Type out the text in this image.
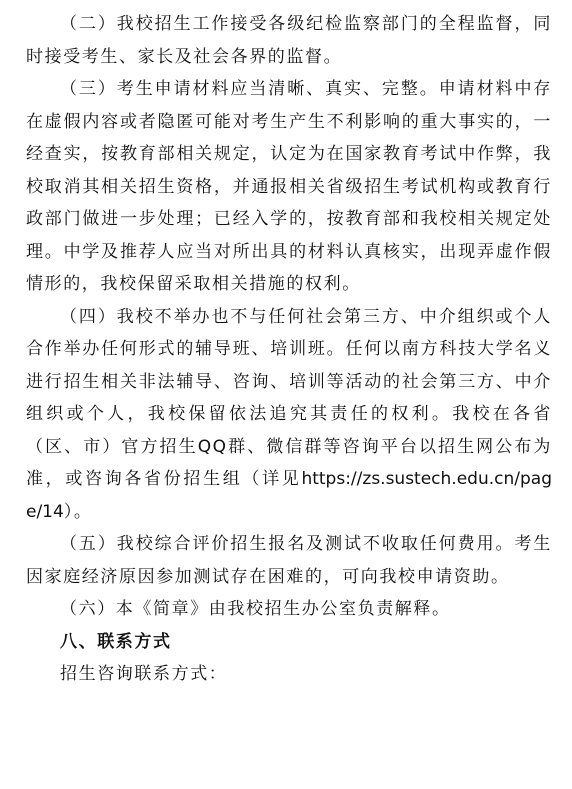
（二）我校招生工作接受各级纪检监察部门的全程监督，同时接受考生、家长及社会各界的监督。

（三）考生申请材料应当清晰、真实、完整。申请材料中存在虚假内容或者隐匿可能对考生产生不利影响的重大事实的，一经查实，按教育部相关规定，认定为在国家教育考试中作弊，我校取消其相关招生资格，并通报相关省级招生考试机构或教育行政部门做进一步处理；已经入学的，按教育部和我校相关规定处理。中学及推荐人应当对所出具的材料认真核实，出现弄虚作假情形的，我校保留采取相关措施的权利。

（四）我校不举办也不与任何社会第三方、中介组织或个人合作举办任何形式的辅导班、培训班。任何以南方科技大学名义进行招生相关非法辅导、咨询、培训等活动的社会第三方、中介组织或个人，我校保留依法追究其责任的权利。我校在各省（区、市）官方招生QQ群、微信群等咨询平台以招生网公布为准，或咨询各省份招生组（详见https://zs.sustech.edu.cn/page/14）。

（五）我校综合评价招生报名及测试不收取任何费用。考生因家庭经济原因参加测试存在困难的，可向我校申请资助。

（六）本《简章》由我校招生办公室负责解释。

八、联系方式

招生咨询联系方式：
